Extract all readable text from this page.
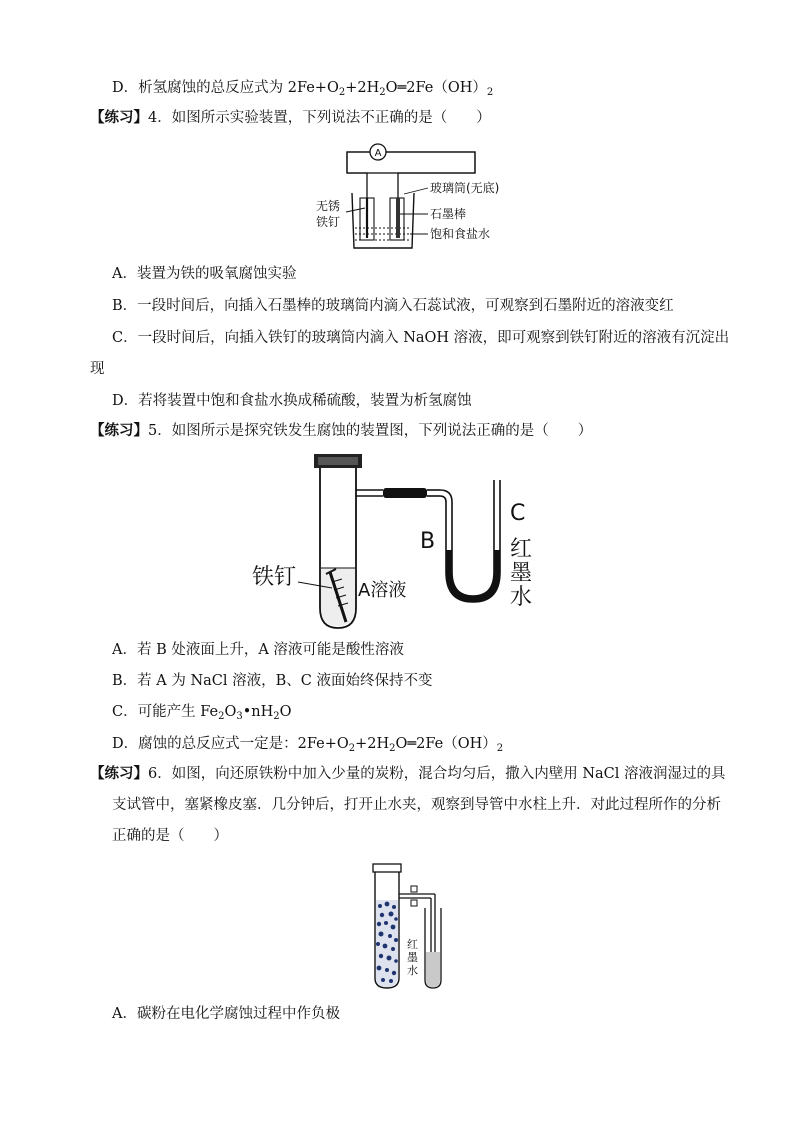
D．析氢腐蚀的总反应式为 $2Fe+O_2+2H_2O═2Fe(OH)_2$
【练习】4．如图所示实验装置，下列说法不正确的是（　　）
A
玻璃筒(无底)
石墨棒
饱和食盐水
无锈
铁钉
A．装置为铁的吸氧腐蚀实验
B．一段时间后，向插入石墨棒的玻璃筒内滴入石蕊试液，可观察到石墨附近的溶液变红
C．一段时间后，向插入铁钉的玻璃筒内滴入 NaOH 溶液，即可观察到铁钉附近的溶液有沉淀出
现
D．若将装置中饱和食盐水换成稀硫酸，装置为析氢腐蚀
【练习】5．如图所示是探究铁发生腐蚀的装置图，下列说法正确的是（　　）
铁钉
A溶液
B
C
红
墨
水
A．若 B 处液面上升，A 溶液可能是酸性溶液
B．若 A 为 NaCl 溶液，B、C 液面始终保持不变
C．可能产生 $Fe_2O_3•nH_2O$
D．腐蚀的总反应式一定是：$2Fe+O_2+2H_2O═2Fe(OH)_2$
【练习】6．如图，向还原铁粉中加入少量的炭粉，混合均匀后，撒入内壁用 NaCl 溶液润湿过的具
支试管中，塞紧橡皮塞．几分钟后，打开止水夹，观察到导管中水柱上升．对此过程所作的分析
正确的是（　　）
红
墨
水
A．碳粉在电化学腐蚀过程中作负极
